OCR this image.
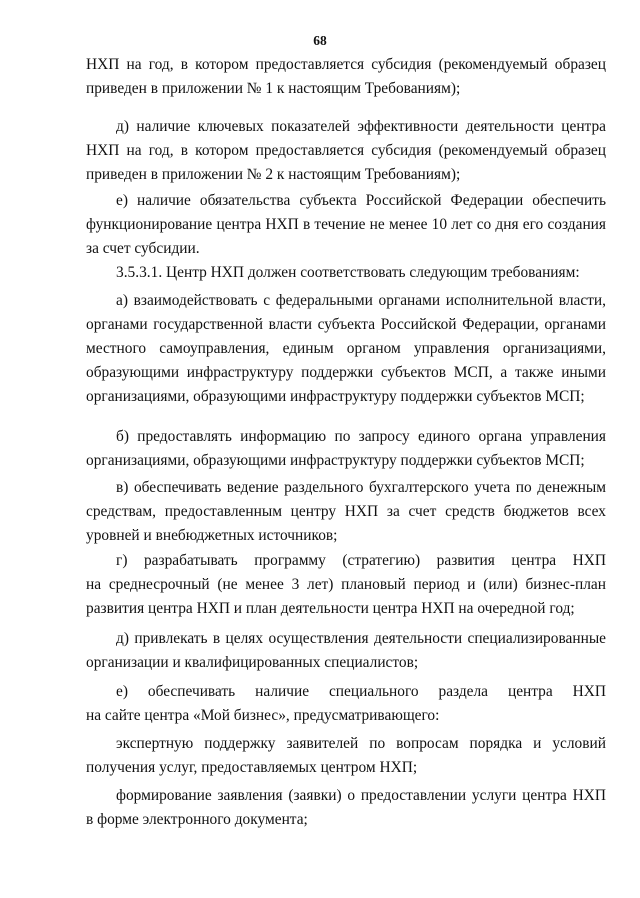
68
НХП на год, в котором предоставляется субсидия (рекомендуемый образец
приведен в приложении № 1 к настоящим Требованиям);
д) наличие ключевых показателей эффективности деятельности центра
НХП на год, в котором предоставляется субсидия (рекомендуемый образец
приведен в приложении № 2 к настоящим Требованиям);
е) наличие обязательства субъекта Российской Федерации обеспечить
функционирование центра НХП в течение не менее 10 лет со дня его создания
за счет субсидии.
3.5.3.1. Центр НХП должен соответствовать следующим требованиям:
а) взаимодействовать с федеральными органами исполнительной власти,
органами государственной власти субъекта Российской Федерации, органами
местного самоуправления, единым органом управления организациями,
образующими инфраструктуру поддержки субъектов МСП, а также иными
организациями, образующими инфраструктуру поддержки субъектов МСП;
б) предоставлять информацию по запросу единого органа управления
организациями, образующими инфраструктуру поддержки субъектов МСП;
в) обеспечивать ведение раздельного бухгалтерского учета по денежным
средствам, предоставленным центру НХП за счет средств бюджетов всех
уровней и внебюджетных источников;
г) разрабатывать программу (стратегию) развития центра НХП
на среднесрочный (не менее 3 лет) плановый период и (или) бизнес-план
развития центра НХП и план деятельности центра НХП на очередной год;
д) привлекать в целях осуществления деятельности специализированные
организации и квалифицированных специалистов;
е) обеспечивать наличие специального раздела центра НХП
на сайте центра «Мой бизнес», предусматривающего:
экспертную поддержку заявителей по вопросам порядка и условий
получения услуг, предоставляемых центром НХП;
формирование заявления (заявки) о предоставлении услуги центра НХП
в форме электронного документа;
